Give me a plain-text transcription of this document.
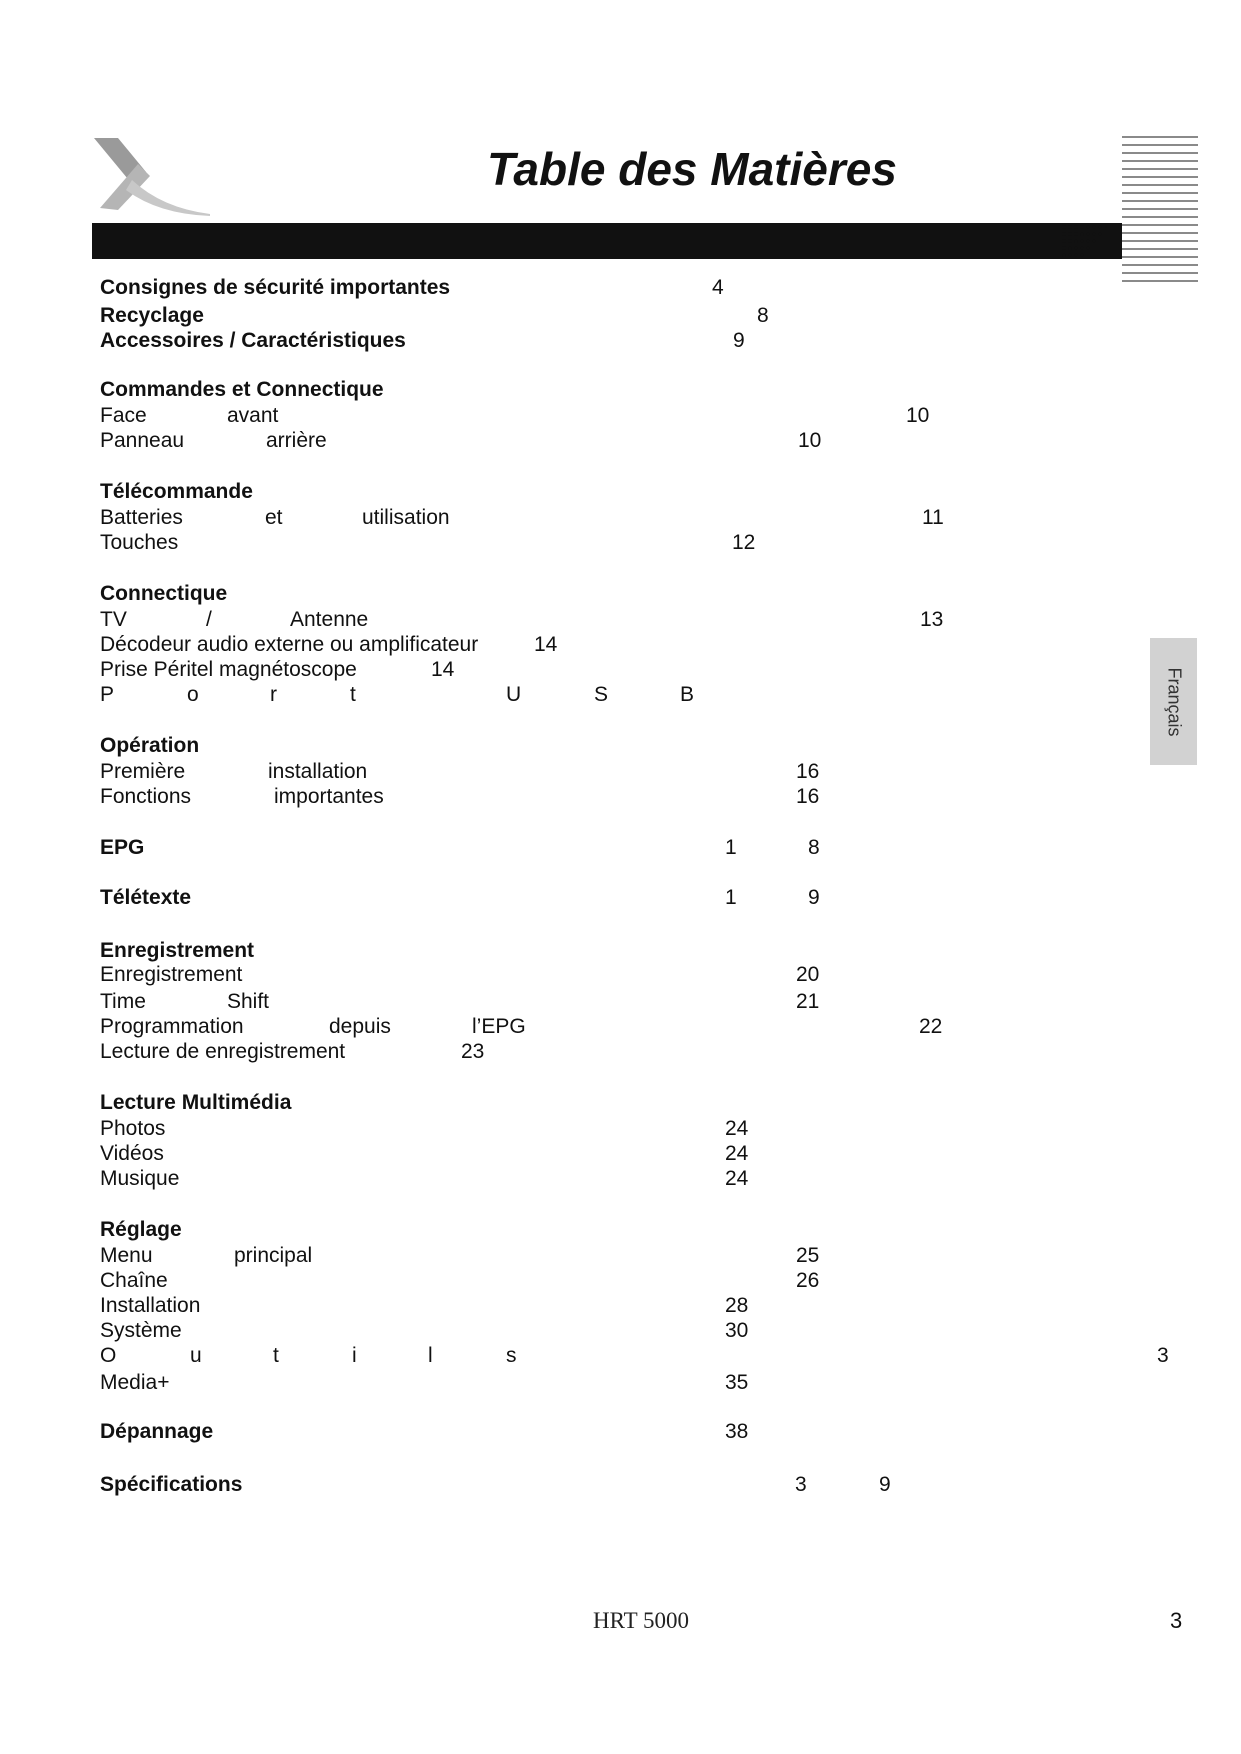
Table des Matières
Français
Consignes de sécurité importantes	4
Recyclage	8
Accessoires / Caractéristiques	9
Commandes et Connectique
Face	avant	10
Panneau	arrière	10
Télécommande
Batteries	et	utilisation	11
Touches	12
Connectique
TV	/	Antenne	13
Décodeur audio externe ou amplificateur	14
Prise Péritel magnétoscope	14
P	o	r	t	U	S	B
Opération
Première	installation	16
Fonctions	importantes	16
EPG	1	8
Télétexte	1	9
Enregistrement
Enregistrement	20
Time	Shift	21
Programmation	depuis	l’EPG	22
Lecture de enregistrement	23
Lecture Multimédia
Photos	24
Vidéos	24
Musique	24
Réglage
Menu	principal	25
Chaîne	26
Installation	28
Système	30
O	u	t	i	l	s	3
Media+	35
Dépannage	38
Spécifications	3	9
HRT 5000	3
